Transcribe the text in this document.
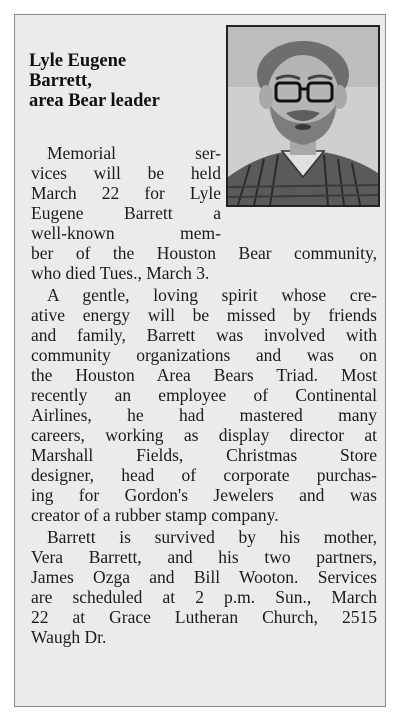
Lyle Eugene
Barrett,
area Bear leader
Memorial ser-
vices will be held
March 22 for Lyle
Eugene Barrett a
well-known mem-
ber of the Houston Bear community,
who died Tues., March 3.
A gentle, loving spirit whose cre-
ative energy will be missed by friends
and family, Barrett was involved with
community organizations and was on
the Houston Area Bears Triad. Most
recently an employee of Continental
Airlines, he had mastered many
careers, working as display director at
Marshall Fields, Christmas Store
designer, head of corporate purchas-
ing for Gordon's Jewelers and was
creator of a rubber stamp company.
Barrett is survived by his mother,
Vera Barrett, and his two partners,
James Ozga and Bill Wooton. Services
are scheduled at 2 p.m. Sun., March
22 at Grace Lutheran Church, 2515
Waugh Dr.
